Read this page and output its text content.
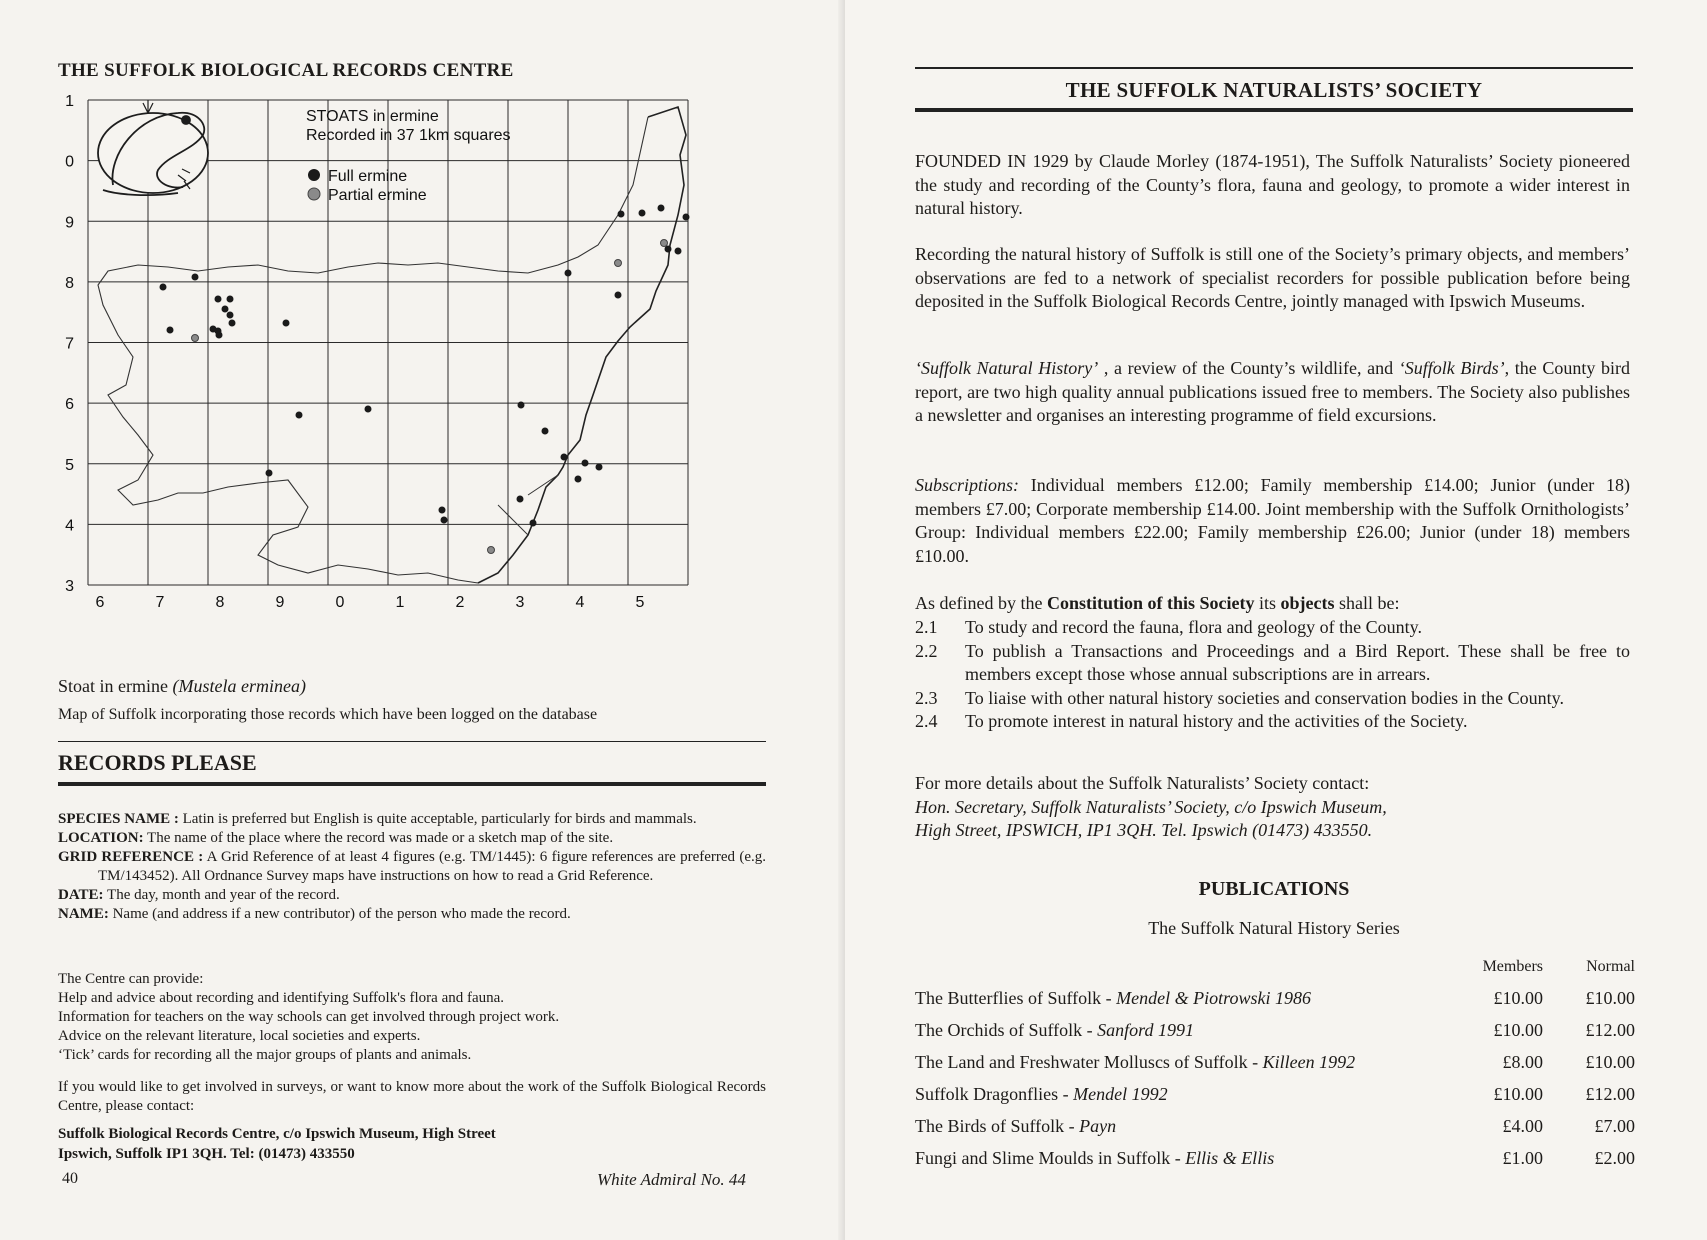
THE SUFFOLK BIOLOGICAL RECORDS CENTRE
STOATS in ermine
Recorded in 37 1km squares
Full ermine
Partial ermine
1
0
9
8
7
6
5
4
3
6	7	8	9	0	1	2	3	4	5
Stoat in ermine (Mustela erminea)
Map of Suffolk incorporating those records which have been logged on the database
RECORDS PLEASE

SPECIES NAME : Latin is preferred but English is quite acceptable, particularly for birds and mammals.

LOCATION: The name of the place where the record was made or a sketch map of the site.

GRID REFERENCE : A Grid Reference of at least 4 figures (e.g. TM/1445): 6 figure references are preferred (e.g. TM/143452). All Ordnance Survey maps have instructions on how to read a Grid Reference.

DATE: The day, month and year of the record.

NAME: Name (and address if a new contributor) of the person who made the record.

The Centre can provide:
Help and advice about recording and identifying Suffolk's flora and fauna.
Information for teachers on the way schools can get involved through project work.
Advice on the relevant literature, local societies and experts.
‘Tick’ cards for recording all the major groups of plants and animals.
If you would like to get involved in surveys, or want to know more about the work of the Suffolk Biological Records Centre, please contact:
Suffolk Biological Records Centre, c/o Ipswich Museum, High Street
Ipswich, Suffolk IP1 3QH. Tel: (01473) 433550
40	White Admiral No. 44
THE SUFFOLK NATURALISTS’ SOCIETY
FOUNDED IN 1929 by Claude Morley (1874-1951), The Suffolk Naturalists’ Society pioneered the study and recording of the County’s flora, fauna and geology, to promote a wider interest in natural history.
Recording the natural history of Suffolk is still one of the Society’s primary objects, and members’ observations are fed to a network of specialist recorders for possible publication before being deposited in the Suffolk Biological Records Centre, jointly managed with Ipswich Museums.
‘Suffolk Natural History’ , a review of the County’s wildlife, and ‘Suffolk Birds’, the County bird report, are two high quality annual publications issued free to members. The Society also publishes a newsletter and organises an interesting programme of field excursions.
Subscriptions: Individual members £12.00; Family membership £14.00; Junior (under 18) members £7.00; Corporate membership £14.00. Joint membership with the Suffolk Ornithologists’ Group: Individual members £22.00; Family membership £26.00; Junior (under 18) members £10.00.
As defined by the Constitution of this Society its objects shall be:
2.1	To study and record the fauna, flora and geology of the County.
2.2	To publish a Transactions and Proceedings and a Bird Report. These shall be free to members except those whose annual subscriptions are in arrears.
2.3	To liaise with other natural history societies and conservation bodies in the County.
2.4	To promote interest in natural history and the activities of the Society.
For more details about the Suffolk Naturalists’ Society contact:
Hon. Secretary, Suffolk Naturalists’ Society, c/o Ipswich Museum,
High Street, IPSWICH, IP1 3QH. Tel. Ipswich (01473) 433550.
PUBLICATIONS
The Suffolk Natural History Series
Members	Normal
The Butterflies of Suffolk - Mendel & Piotrowski 1986	£10.00	£10.00
The Orchids of Suffolk - Sanford 1991	£10.00	£12.00
The Land and Freshwater Molluscs of Suffolk - Killeen 1992	£8.00	£10.00
Suffolk Dragonflies - Mendel 1992	£10.00	£12.00
The Birds of Suffolk - Payn	£4.00	£7.00
Fungi and Slime Moulds in Suffolk - Ellis & Ellis	£1.00	£2.00
